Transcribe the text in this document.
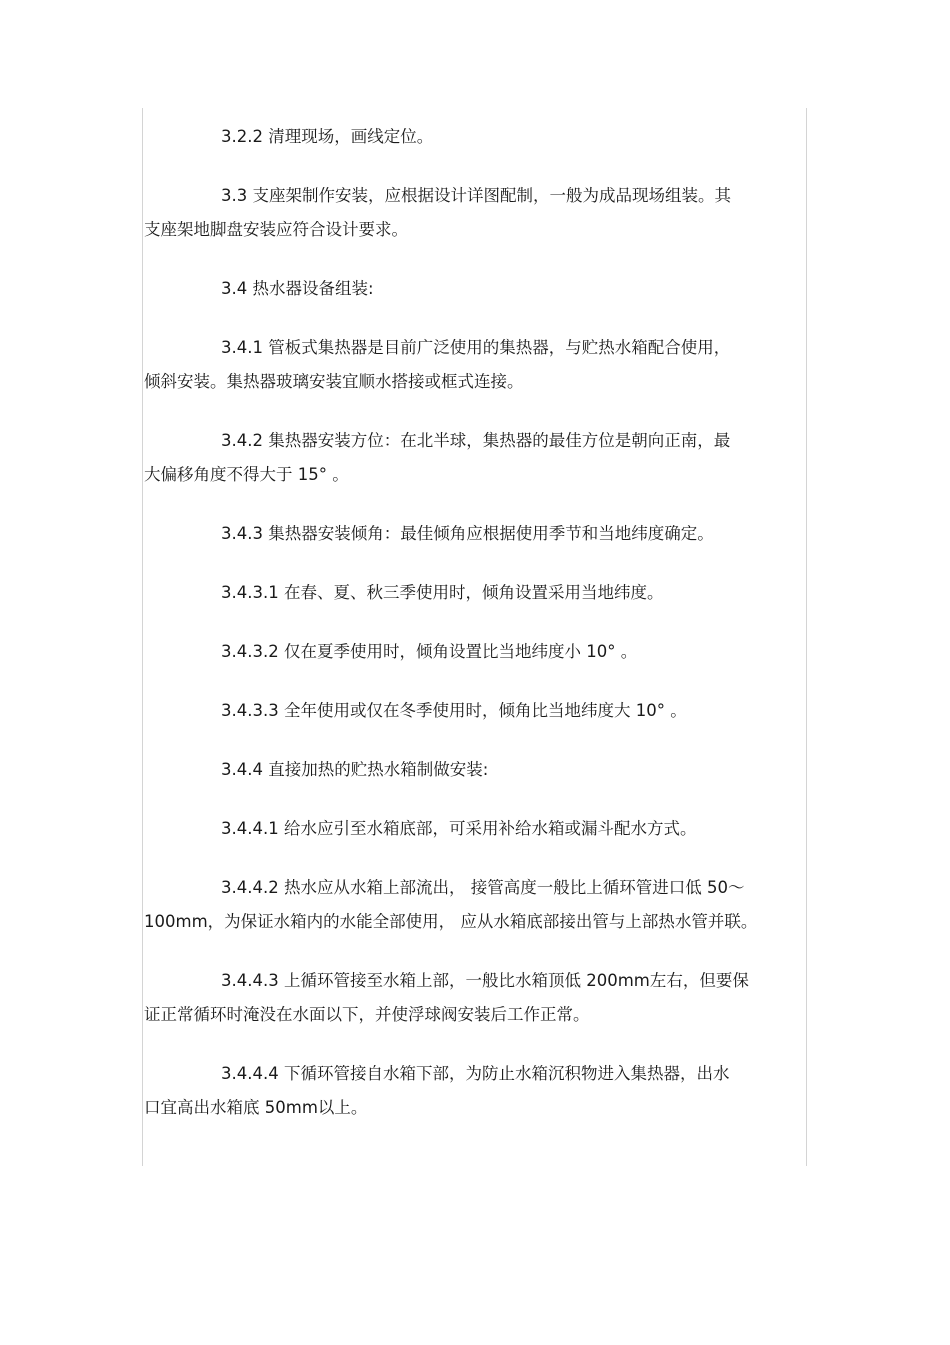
3.2.2 清理现场，画线定位。

3.3 支座架制作安装，应根据设计详图配制，一般为成品现场组装。其
支座架地脚盘安装应符合设计要求。

3.4 热水器设备组装:

3.4.1 管板式集热器是目前广泛使用的集热器，与贮热水箱配合使用，
倾斜安装。集热器玻璃安装宜顺水搭接或框式连接。

3.4.2 集热器安装方位：在北半球，集热器的最佳方位是朝向正南，最
大偏移角度不得大于 15° 。

3.4.3 集热器安装倾角：最佳倾角应根据使用季节和当地纬度确定。

3.4.3.1 在春、夏、秋三季使用时，倾角设置采用当地纬度。

3.4.3.2 仅在夏季使用时，倾角设置比当地纬度小 10° 。

3.4.3.3 全年使用或仅在冬季使用时，倾角比当地纬度大 10° 。

3.4.4 直接加热的贮热水箱制做安装:

3.4.4.1 给水应引至水箱底部，可采用补给水箱或漏斗配水方式。

3.4.4.2 热水应从水箱上部流出， 接管高度一般比上循环管进口低 50～
100mm，为保证水箱内的水能全部使用， 应从水箱底部接出管与上部热水管并联。

3.4.4.3 上循环管接至水箱上部，一般比水箱顶低 200mm左右，但要保
证正常循环时淹没在水面以下，并使浮球阀安装后工作正常。

3.4.4.4 下循环管接自水箱下部，为防止水箱沉积物进入集热器，出水
口宜高出水箱底 50mm以上。
